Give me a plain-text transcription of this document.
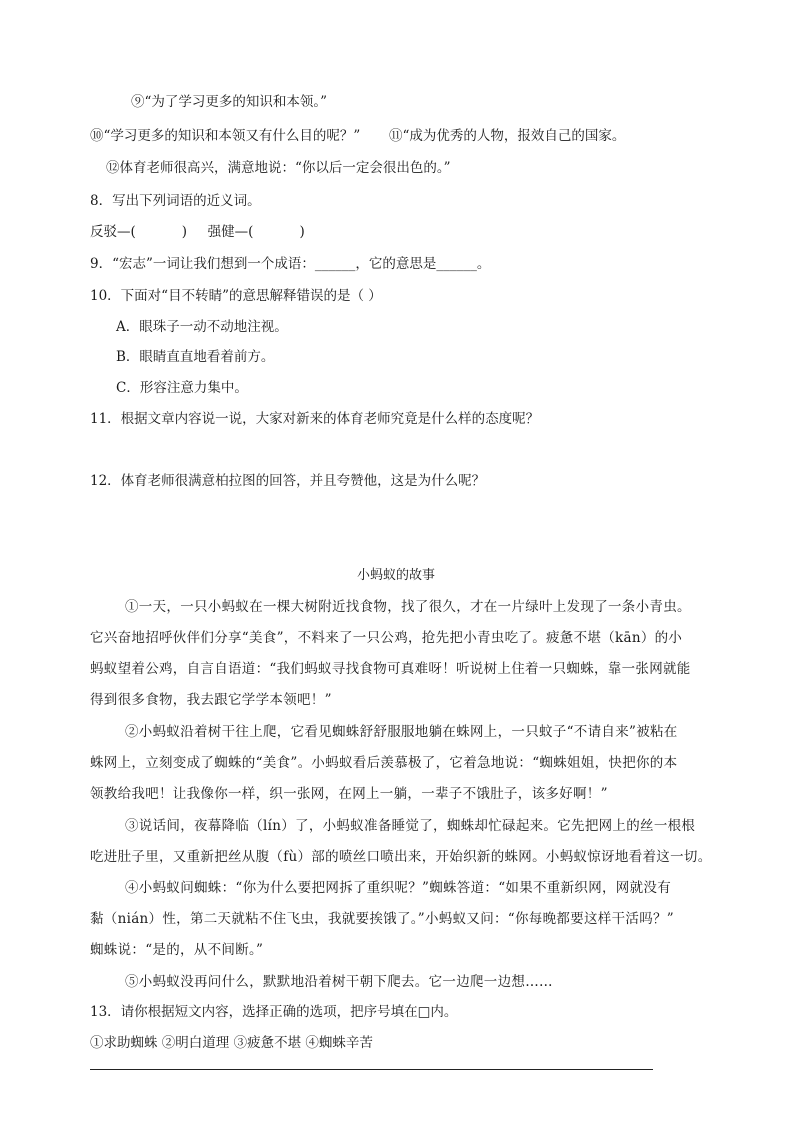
⑨“为了学习更多的知识和本领。”
⑩“学习更多的知识和本领又有什么目的呢？” ⑪“成为优秀的人物，报效自己的国家。
⑫体育老师很高兴，满意地说：“你以后一定会很出色的。”
8．写出下列词语的近义词。
反驳—(	) 强健—(	)
9．“宏志”一词让我们想到一个成语：______，它的意思是______。
10．下面对“目不转睛”的意思解释错误的是（ ）
A．眼珠子一动不动地注视。
B．眼睛直直地看着前方。
C．形容注意力集中。
11．根据文章内容说一说，大家对新来的体育老师究竟是什么样的态度呢？
12．体育老师很满意柏拉图的回答，并且夸赞他，这是为什么呢？
小蚂蚁的故事
①一天，一只小蚂蚁在一棵大树附近找食物，找了很久，才在一片绿叶上发现了一条小青虫。
它兴奋地招呼伙伴们分享“美食”，不料来了一只公鸡，抢先把小青虫吃了。疲惫不堪（kān）的小
蚂蚁望着公鸡，自言自语道：“我们蚂蚁寻找食物可真难呀！听说树上住着一只蜘蛛，靠一张网就能
得到很多食物，我去跟它学学本领吧！”
②小蚂蚁沿着树干往上爬，它看见蜘蛛舒舒服服地躺在蛛网上，一只蚊子“不请自来”被粘在
蛛网上，立刻变成了蜘蛛的“美食”。小蚂蚁看后羡慕极了，它着急地说：“蜘蛛姐姐，快把你的本
领教给我吧！让我像你一样，织一张网，在网上一躺，一辈子不饿肚子，该多好啊！”
③说话间，夜幕降临（lín）了，小蚂蚁准备睡觉了，蜘蛛却忙碌起来。它先把网上的丝一根根
吃进肚子里，又重新把丝从腹（fù）部的喷丝口喷出来，开始织新的蛛网。小蚂蚁惊讶地看着这一切。
④小蚂蚁问蜘蛛：“你为什么要把网拆了重织呢？”蜘蛛答道：“如果不重新织网，网就没有
黏（nián）性，第二天就粘不住飞虫，我就要挨饿了。”小蚂蚁又问：“你每晚都要这样干活吗？”
蜘蛛说：“是的，从不间断。”
⑤小蚂蚁没再问什么，默默地沿着树干朝下爬去。它一边爬一边想……
13．请你根据短文内容，选择正确的选项，把序号填在□内。
①求助蜘蛛 ②明白道理 ③疲惫不堪 ④蜘蛛辛苦
